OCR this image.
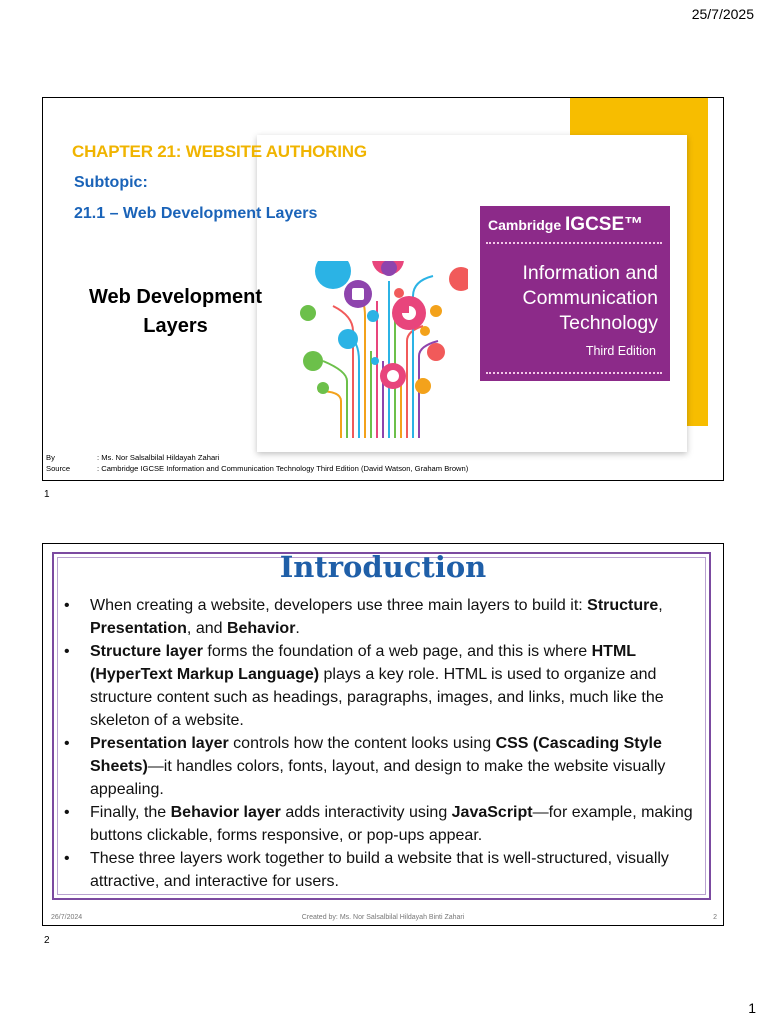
25/7/2025
CHAPTER 21: WEBSITE AUTHORING
Subtopic:
21.1 – Web Development Layers
Web Development
Layers
Cambridge IGCSE™
Information and
Communication
Technology
Third Edition
By	: Ms. Nor Salsalbilal Hildayah Zahari
Source	: Cambridge IGCSE Information and Communication Technology Third Edition (David Watson, Graham Brown)
1
Introduction
• When creating a website, developers use three main layers to build it: Structure, Presentation, and Behavior.
• Structure layer forms the foundation of a web page, and this is where HTML (HyperText Markup Language) plays a key role. HTML is used to organize and structure content such as headings, paragraphs, images, and links, much like the skeleton of a website.
• Presentation layer controls how the content looks using CSS (Cascading Style Sheets)—it handles colors, fonts, layout, and design to make the website visually appealing.
• Finally, the Behavior layer adds interactivity using JavaScript—for example, making buttons clickable, forms responsive, or pop-ups appear.
• These three layers work together to build a website that is well-structured, visually attractive, and interactive for users.
26/7/2024	Created by: Ms. Nor Salsalbilal Hildayah Binti Zahari	2
2
1
